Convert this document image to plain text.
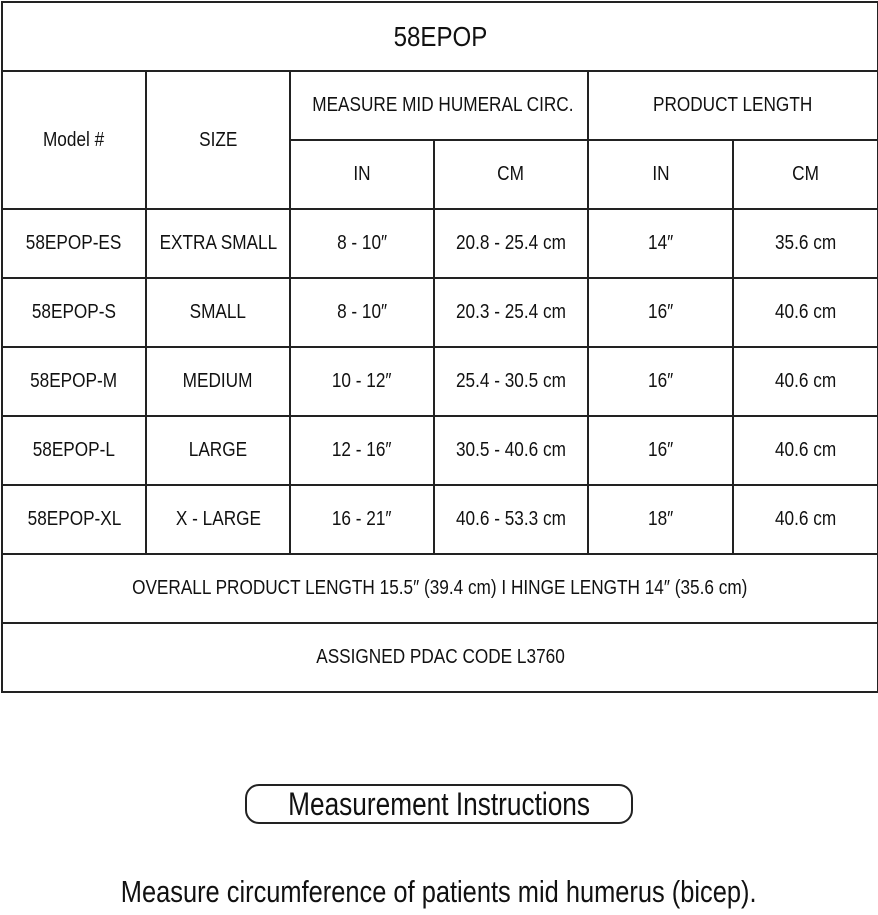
58EPOP					
Model #	SIZE	MEASURE MID HUMERAL CIRC.		PRODUCT LENGTH	
		IN	CM	IN	CM
58EPOP-ES	EXTRA SMALL	8 - 10″	20.8 - 25.4 cm	14″	35.6 cm
58EPOP-S	SMALL	8 - 10″	20.3 - 25.4 cm	16″	40.6 cm
58EPOP-M	MEDIUM	10 - 12″	25.4 - 30.5 cm	16″	40.6 cm
58EPOP-L	LARGE	12 - 16″	30.5 - 40.6 cm	16″	40.6 cm
58EPOP-XL	X - LARGE	16 - 21″	40.6 - 53.3 cm	18″	40.6 cm
OVERALL PRODUCT LENGTH 15.5″ (39.4 cm) I HINGE LENGTH 14″ (35.6 cm)					
ASSIGNED PDAC CODE L3760					
Measurement Instructions
Measure circumference of patients mid humerus (bicep).
